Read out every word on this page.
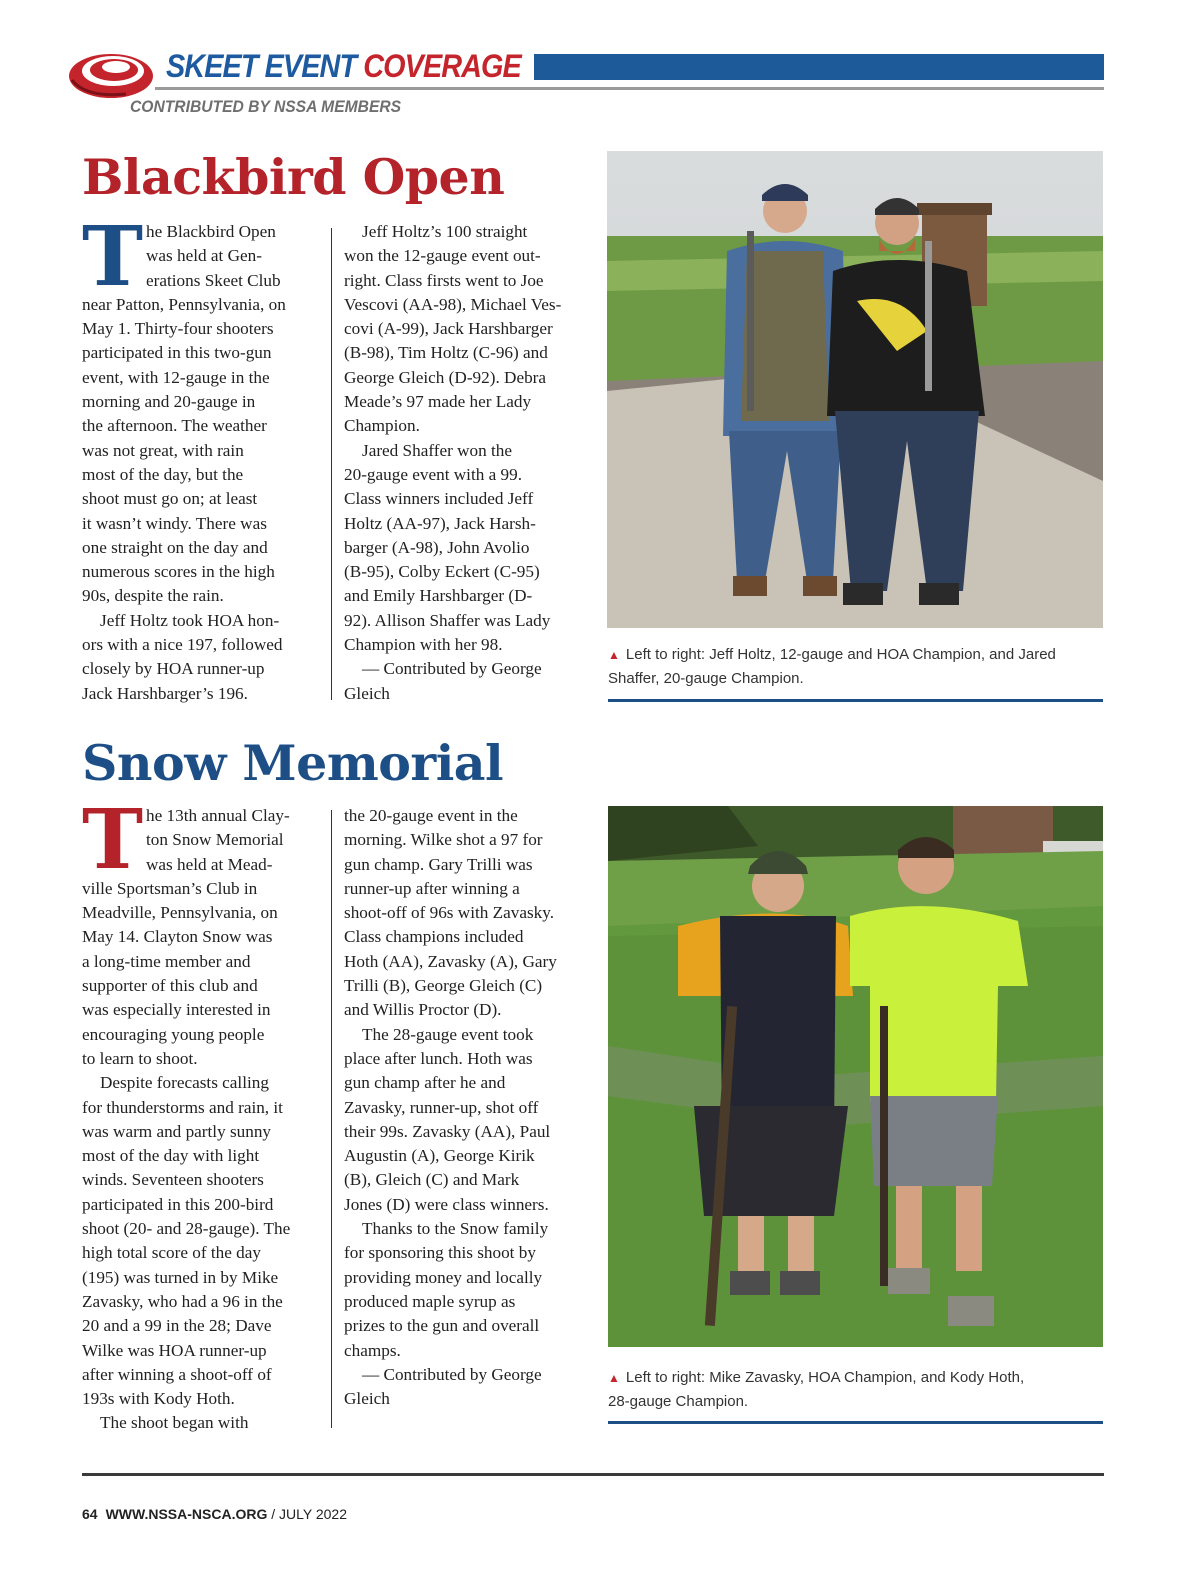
SKEET EVENT COVERAGE
CONTRIBUTED BY NSSA MEMBERS
Blackbird Open
T he Blackbird Open

was held at Gen-

erations Skeet Club

near Patton, Pennsylvania, on

May 1. Thirty-four shooters

participated in this two-gun

event, with 12-gauge in the

morning and 20-gauge in

the afternoon. The weather

was not great, with rain

most of the day, but the

shoot must go on; at least

it wasn’t windy. There was

one straight on the day and

numerous scores in the high

90s, despite the rain.

Jeff Holtz took HOA hon-

ors with a nice 197, followed

closely by HOA runner-up

Jack Harshbarger’s 196.

Jeff Holtz’s 100 straight

won the 12-gauge event out-

right. Class firsts went to Joe

Vescovi (AA-98), Michael Ves-

covi (A-99), Jack Harshbarger

(B-98), Tim Holtz (C-96) and

George Gleich (D-92). Debra

Meade’s 97 made her Lady

Champion.

Jared Shaffer won the

20-gauge event with a 99.

Class winners included Jeff

Holtz (AA-97), Jack Harsh-

barger (A-98), John Avolio

(B-95), Colby Eckert (C-95)

and Emily Harshbarger (D-

92). Allison Shaffer was Lady

Champion with her 98.

— Contributed by George

Gleich

▲ Left to right: Jeff Holtz, 12-gauge and HOA Champion, and Jared
Shaffer, 20-gauge Champion.
Snow Memorial
T he 13th annual Clay-

ton Snow Memorial

was held at Mead-

ville Sportsman’s Club in

Meadville, Pennsylvania, on

May 14. Clayton Snow was

a long-time member and

supporter of this club and

was especially interested in

encouraging young people

to learn to shoot.

Despite forecasts calling

for thunderstorms and rain, it

was warm and partly sunny

most of the day with light

winds. Seventeen shooters

participated in this 200-bird

shoot (20- and 28-gauge). The

high total score of the day

(195) was turned in by Mike

Zavasky, who had a 96 in the

20 and a 99 in the 28; Dave

Wilke was HOA runner-up

after winning a shoot-off of

193s with Kody Hoth.

The shoot began with

the 20-gauge event in the

morning. Wilke shot a 97 for

gun champ. Gary Trilli was

runner-up after winning a

shoot-off of 96s with Zavasky.

Class champions included

Hoth (AA), Zavasky (A), Gary

Trilli (B), George Gleich (C)

and Willis Proctor (D).

The 28-gauge event took

place after lunch. Hoth was

gun champ after he and

Zavasky, runner-up, shot off

their 99s. Zavasky (AA), Paul

Augustin (A), George Kirik

(B), Gleich (C) and Mark

Jones (D) were class winners.

Thanks to the Snow family

for sponsoring this shoot by

providing money and locally

produced maple syrup as

prizes to the gun and overall

champs.

— Contributed by George

Gleich

▲ Left to right: Mike Zavasky, HOA Champion, and Kody Hoth,
28-gauge Champion.
64 WWW.NSSA-NSCA.ORG / JULY 2022
